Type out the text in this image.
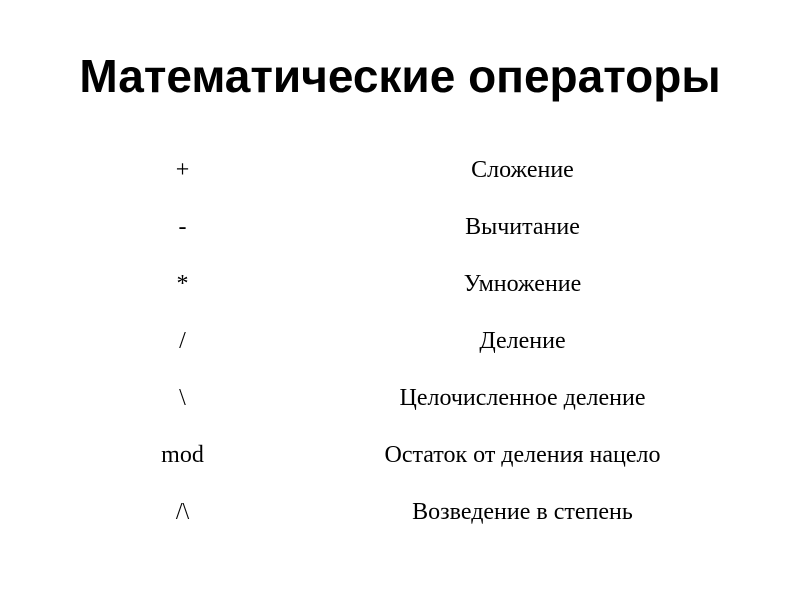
Математические операторы
+	Сложение
-	Вычитание
*	Умножение
/	Деление
\	Целочисленное деление
mod	Остаток от деления нацело
/\	Возведение в степень
